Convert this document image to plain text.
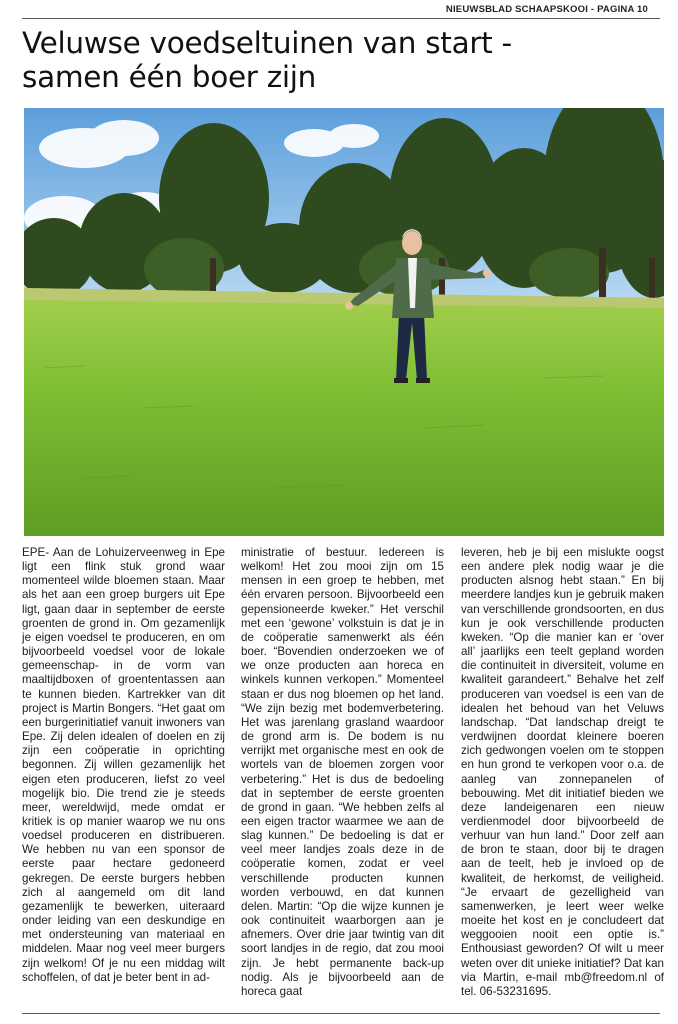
NIEUWSBLAD SCHAAPSKOOI - PAGINA 10
Veluwse voedseltuinen van start -
samen één boer zijn

EPE- Aan de Lohuizerveenweg in Epe ligt een flink stuk grond waar momenteel wilde bloemen staan. Maar als het aan een groep burgers uit Epe ligt, gaan daar in september de eerste groenten de grond in. Om gezamenlijk je eigen voedsel te produceren, en om bijvoorbeeld voedsel voor de lokale gemeenschap- in de vorm van maaltijdboxen of groententassen aan te kunnen bieden. Kartrekker van dit project is Martin Bongers. “Het gaat om een burgerinitiatief vanuit inwoners van Epe. Zij delen idealen of doelen en zij zijn een coöperatie in oprichting begonnen. Zij willen gezamenlijk het eigen eten produceren, liefst zo veel mogelijk bio. Die trend zie je steeds meer, wereldwijd, mede omdat er kritiek is op manier waarop we nu ons voedsel produceren en distribueren. We hebben nu van een sponsor de eerste paar hectare gedoneerd gekregen. De eerste burgers hebben zich al aangemeld om dit land gezamenlijk te bewerken, uiteraard onder leiding van een deskundige en met ondersteuning van materiaal en middelen. Maar nog veel meer burgers zijn welkom! Of je nu een middag wilt schoffelen, of dat je beter bent in ad-

ministratie of bestuur. Iedereen is welkom! Het zou mooi zijn om 15 mensen in een groep te hebben, met één ervaren persoon. Bijvoorbeeld een gepensioneerde kweker.” Het verschil met een ‘gewone’ volkstuin is dat je in de coöperatie samenwerkt als één boer. “Bovendien onderzoeken we of we onze producten aan horeca en winkels kunnen verkopen.” Momenteel staan er dus nog bloemen op het land. “We zijn bezig met bodemverbetering. Het was jarenlang grasland waardoor de grond arm is. De bodem is nu verrijkt met organische mest en ook de wortels van de bloemen zorgen voor verbetering.” Het is dus de bedoeling dat in september de eerste groenten de grond in gaan. “We hebben zelfs al een eigen tractor waarmee we aan de slag kunnen.” De bedoeling is dat er veel meer landjes zoals deze in de coöperatie komen, zodat er veel verschillende producten kunnen worden verbouwd, en dat kunnen delen. Martin: “Op die wijze kunnen je ook continuiteit waarborgen aan je afnemers. Over drie jaar twintig van dit soort landjes in de regio, dat zou mooi zijn. Je hebt permanente back-up nodig. Als je bijvoorbeeld aan de horeca gaat

leveren, heb je bij een mislukte oogst een andere plek nodig waar je die producten alsnog hebt staan.” En bij meerdere landjes kun je gebruik maken van verschillende grondsoorten, en dus kun je ook verschillende producten kweken. “Op die manier kan er ‘over all’ jaarlijks een teelt gepland worden die continuiteit in diversiteit, volume en kwaliteit garandeert.” Behalve het zelf produceren van voedsel is een van de idealen het behoud van het Veluws landschap. “Dat landschap dreigt te verdwijnen doordat kleinere boeren zich gedwongen voelen om te stoppen en hun grond te verkopen voor o.a. de aanleg van zonnepanelen of bebouwing. Met dit initiatief bieden we deze landeigenaren een nieuw verdienmodel door bijvoorbeeld de verhuur van hun land.” Door zelf aan de bron te staan, door bij te dragen aan de teelt, heb je invloed op de kwaliteit, de herkomst, de veiligheid. “Je ervaart de gezelligheid van samenwerken, je leert weer welke moeite het kost en je concludeert dat weggooien nooit een optie is.” Enthousiast geworden? Of wilt u meer weten over dit unieke initiatief? Dat kan via Martin, e-mail mb@freedom.nl of tel. 06-53231695.
